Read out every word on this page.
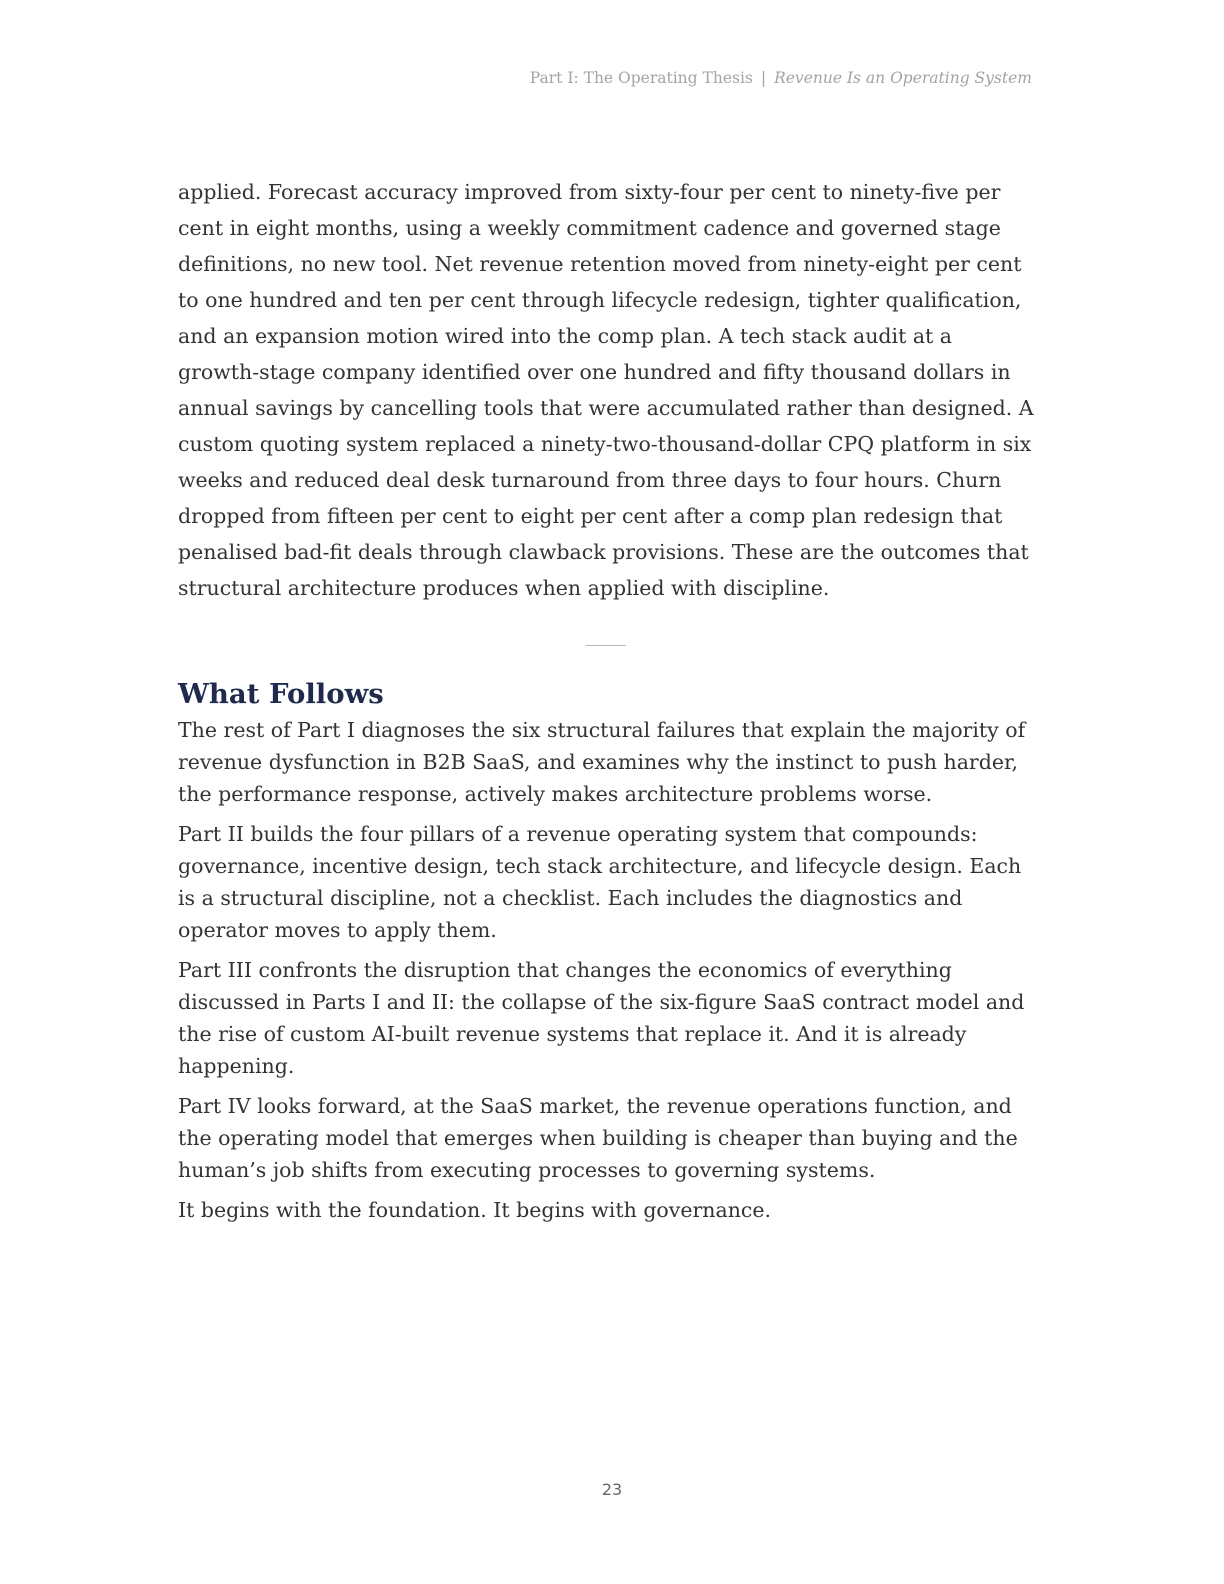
Part I: The Operating Thesis | Revenue Is an Operating System

applied. Forecast accuracy improved from sixty-four per cent to ninety-five per cent in eight months, using a weekly commitment cadence and governed stage definitions, no new tool. Net revenue retention moved from ninety-eight per cent to one hundred and ten per cent through lifecycle redesign, tighter qualification, and an expansion motion wired into the comp plan. A tech stack audit at a growth-stage company identified over one hundred and fifty thousand dollars in annual savings by cancelling tools that were accumulated rather than designed. A custom quoting system replaced a ninety-two-thousand-dollar CPQ platform in six weeks and reduced deal desk turnaround from three days to four hours. Churn dropped from fifteen per cent to eight per cent after a comp plan redesign that penalised bad-fit deals through clawback provisions. These are the outcomes that structural architecture produces when applied with discipline.

What Follows

The rest of Part I diagnoses the six structural failures that explain the majority of revenue dysfunction in B2B SaaS, and examines why the instinct to push harder, the performance response, actively makes architecture problems worse.

Part II builds the four pillars of a revenue operating system that compounds: governance, incentive design, tech stack architecture, and lifecycle design. Each is a structural discipline, not a checklist. Each includes the diagnostics and operator moves to apply them.

Part III confronts the disruption that changes the economics of everything discussed in Parts I and II: the collapse of the six-figure SaaS contract model and the rise of custom AI-built revenue systems that replace it. And it is already happening.

Part IV looks forward, at the SaaS market, the revenue operations function, and the operating model that emerges when building is cheaper than buying and the human’s job shifts from executing processes to governing systems.

It begins with the foundation. It begins with governance.

23
